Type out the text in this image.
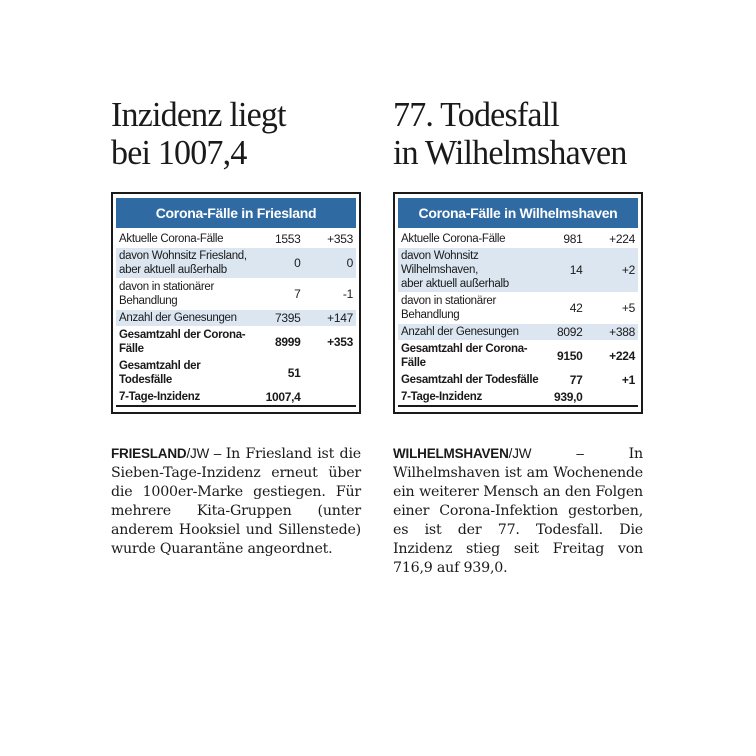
Inzidenz liegt
bei 1007,4
Corona-Fälle in Friesland
Aktuelle Corona-Fälle	1553	+353

davon Wohnsitz Friesland,
aber aktuell außerhalb	0	0

davon in stationärer
Behandlung	7	-1

Anzahl der Genesungen	7395	+147

Gesamtzahl der Corona-
Fälle	8999	+353

Gesamtzahl der
Todesfälle	51	

7-Tage-Inzidenz	1007,4	
FRIESLAND/JW – In Friesland ist die Sieben-Tage-Inzidenz erneut über die 1000er-Marke gestiegen. Für mehrere Kita-Gruppen (unter anderem Hooksiel und Sillenstede) wurde Quarantäne angeordnet.
77. Todesfall
in Wilhelmshaven
Corona-Fälle in Wilhelmshaven
Aktuelle Corona-Fälle	981	+224

davon Wohnsitz
Wilhelmshaven,
aber aktuell außerhalb	14	+2

davon in stationärer
Behandlung	42	+5

Anzahl der Genesungen	8092	+388

Gesamtzahl der Corona-
Fälle	9150	+224

Gesamtzahl der Todesfälle	77	+1

7-Tage-Inzidenz	939,0	
WILHELMSHAVEN/JW – In Wilhelmshaven ist am Wochenende ein weiterer Mensch an den Folgen einer Corona-Infektion gestorben, es ist der 77. Todesfall. Die Inzidenz stieg seit Freitag von 716,9 auf 939,0.
